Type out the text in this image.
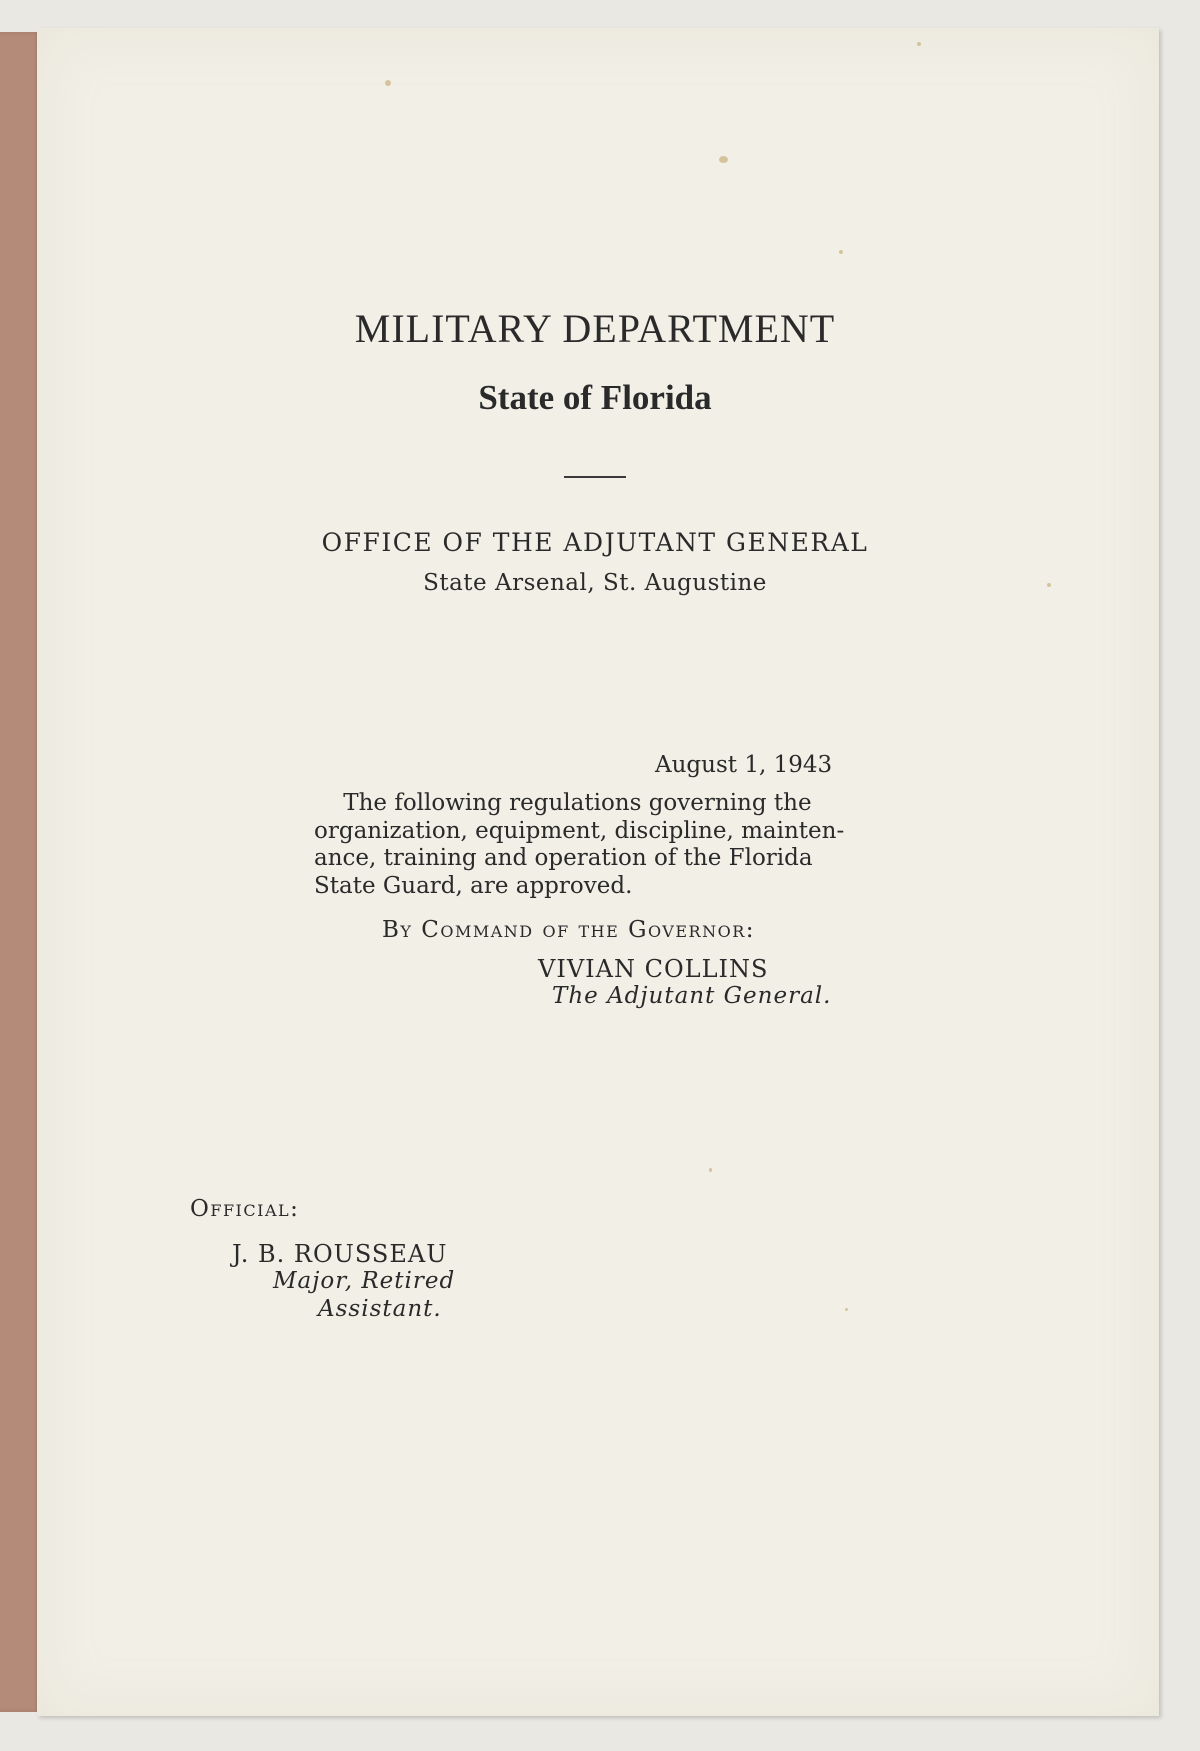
MILITARY DEPARTMENT
State of Florida
OFFICE OF THE ADJUTANT GENERAL
State Arsenal, St. Augustine
August 1, 1943
The following regulations governing the
organization, equipment, discipline, mainten-
ance, training and operation of the Florida
State Guard, are approved.
By Command of the Governor:
VIVIAN COLLINS
The Adjutant General.
Official:
J. B. ROUSSEAU
Major, Retired
Assistant.
